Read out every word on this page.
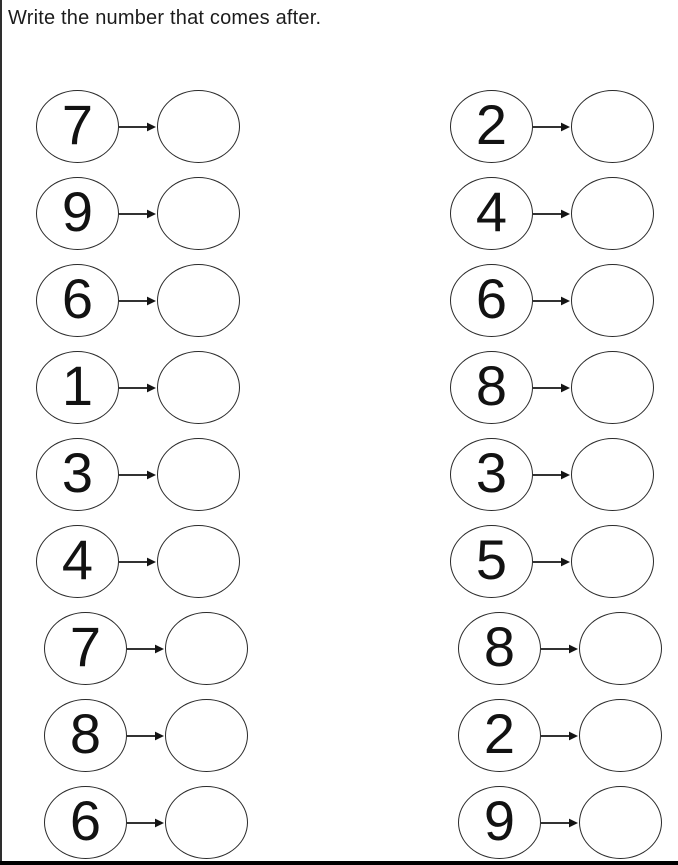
Write the number that comes after.
7
9
6
1
3
4
7
8
6
2
4
6
8
3
5
8
2
9
